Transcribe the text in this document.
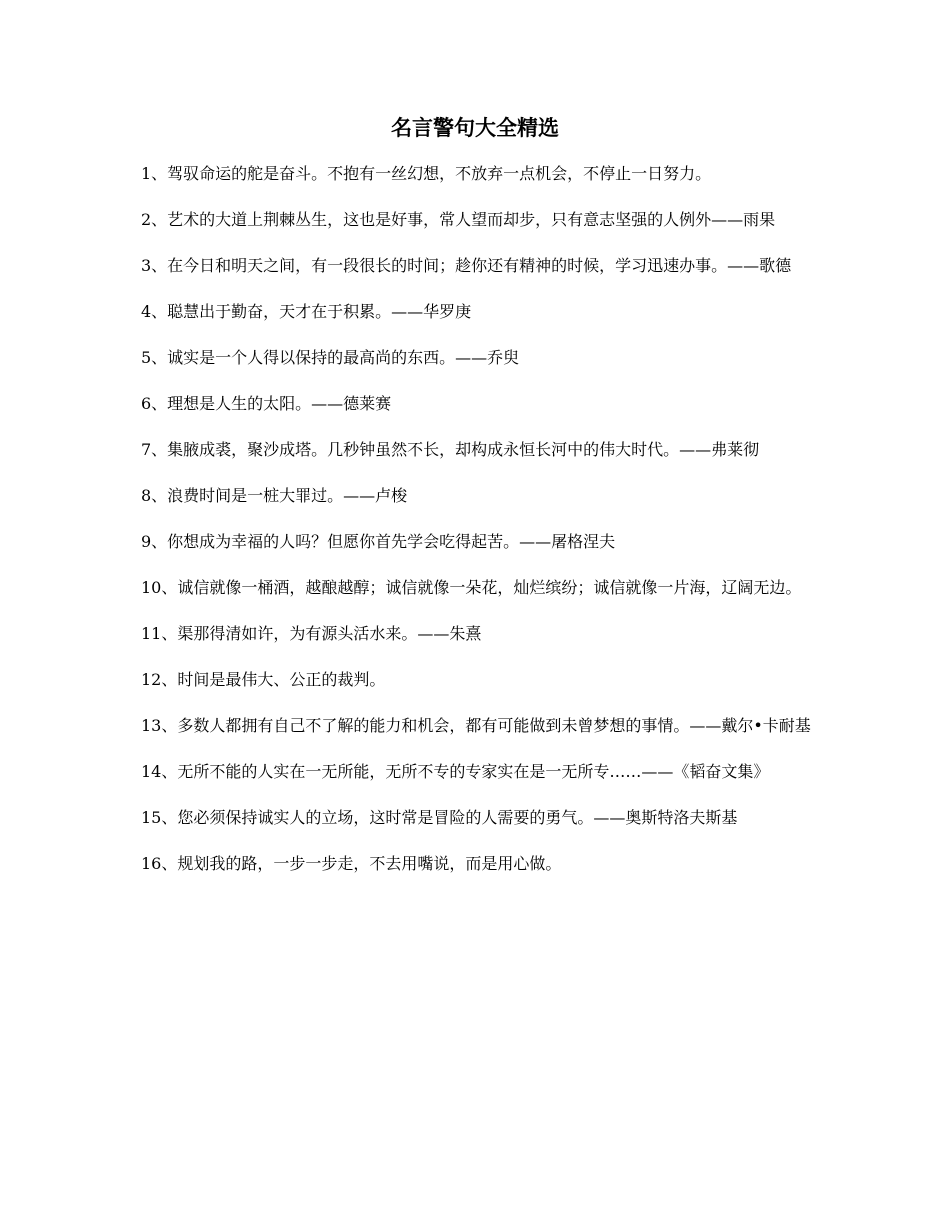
名言警句大全精选

1、驾驭命运的舵是奋斗。不抱有一丝幻想，不放弃一点机会，不停止一日努力。

2、艺术的大道上荆棘丛生，这也是好事，常人望而却步，只有意志坚强的人例外——雨果

3、在今日和明天之间，有一段很长的时间；趁你还有精神的时候，学习迅速办事。——歌德

4、聪慧出于勤奋，天才在于积累。——华罗庚

5、诚实是一个人得以保持的最高尚的东西。——乔臾

6、理想是人生的太阳。——德莱赛

7、集腋成裘，聚沙成塔。几秒钟虽然不长，却构成永恒长河中的伟大时代。——弗莱彻

8、浪费时间是一桩大罪过。——卢梭

9、你想成为幸福的人吗？但愿你首先学会吃得起苦。——屠格涅夫

10、诚信就像一桶酒，越酿越醇；诚信就像一朵花，灿烂缤纷；诚信就像一片海，辽阔无边。

11、渠那得清如许，为有源头活水来。——朱熹

12、时间是最伟大、公正的裁判。

13、多数人都拥有自己不了解的能力和机会，都有可能做到未曾梦想的事情。——戴尔•卡耐基

14、无所不能的人实在一无所能，无所不专的专家实在是一无所专……——《韬奋文集》

15、您必须保持诚实人的立场，这时常是冒险的人需要的勇气。——奥斯特洛夫斯基

16、规划我的路，一步一步走，不去用嘴说，而是用心做。
